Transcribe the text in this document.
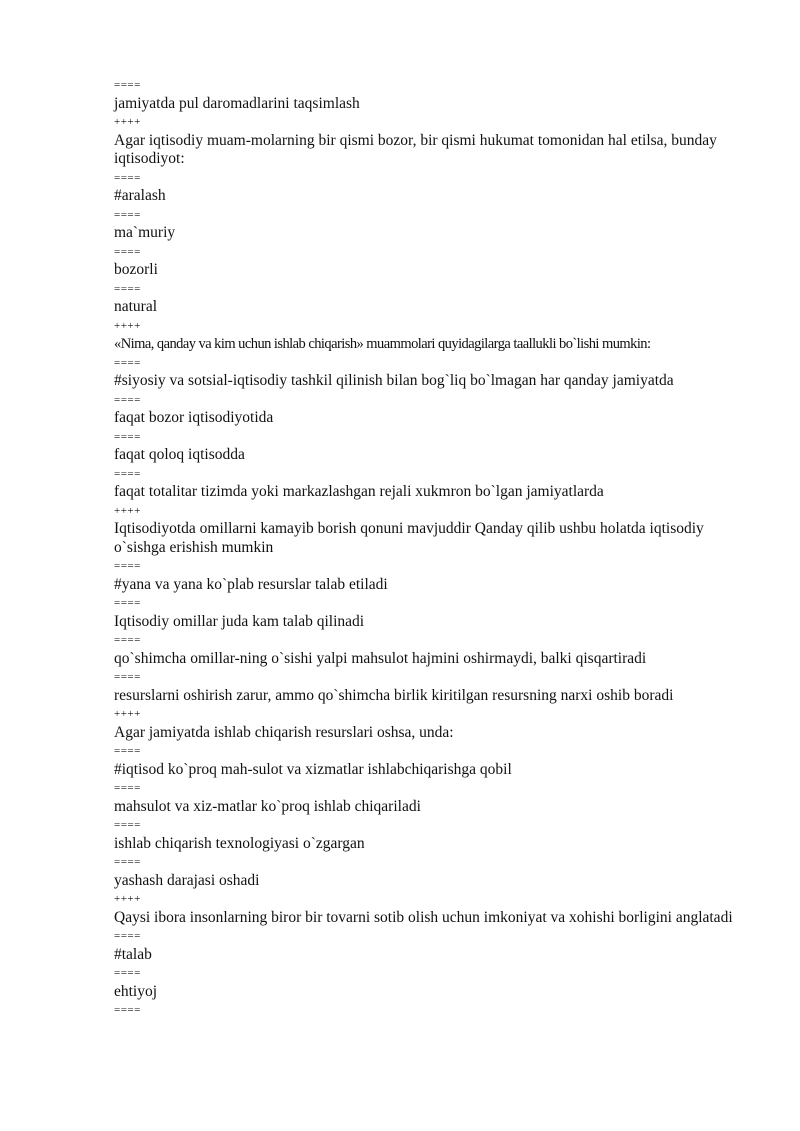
====
jamiyatda pul daromadlarini taqsimlash
++++
Agar iqtisodiy muam-molarning bir qismi bozor, bir qismi hukumat tomonidan hal etilsa, bunday iqtisodiyot:
====
#aralash
====
ma`muriy
====
bozorli
====
natural
++++
«Nima, qanday va kim uchun ishlab chiqarish» muammolari quyidagilarga taallukli bo`lishi mumkin:
====
#siyosiy va sotsial-iqtisodiy tashkil qilinish bilan bog`liq bo`lmagan har qanday jamiyatda
====
faqat bozor iqtisodiyotida
====
faqat qoloq iqtisodda
====
faqat totalitar tizimda yoki markazlashgan rejali xukmron bo`lgan jamiyatlarda
++++
Iqtisodiyotda omillarni kamayib borish qonuni mavjuddir Qanday qilib ushbu holatda iqtisodiy o`sishga erishish mumkin
====
#yana va yana ko`plab resurslar talab etiladi
====
Iqtisodiy omillar juda kam talab qilinadi
====
qo`shimcha omillar-ning o`sishi yalpi mahsulot hajmini oshirmaydi, balki qisqartiradi
====
resurslarni oshirish zarur, ammo qo`shimcha birlik kiritilgan resursning narxi oshib boradi
++++
Agar jamiyatda ishlab chiqarish resurslari oshsa, unda:
====
#iqtisod ko`proq mah-sulot va xizmatlar ishlabchiqarishga qobil
====
mahsulot va xiz-matlar ko`proq ishlab chiqariladi
====
ishlab chiqarish texnologiyasi o`zgargan
====
yashash darajasi oshadi
++++
Qaysi ibora insonlarning biror bir tovarni sotib olish uchun imkoniyat va xohishi borligini anglatadi
====
#talab
====
ehtiyoj
====
